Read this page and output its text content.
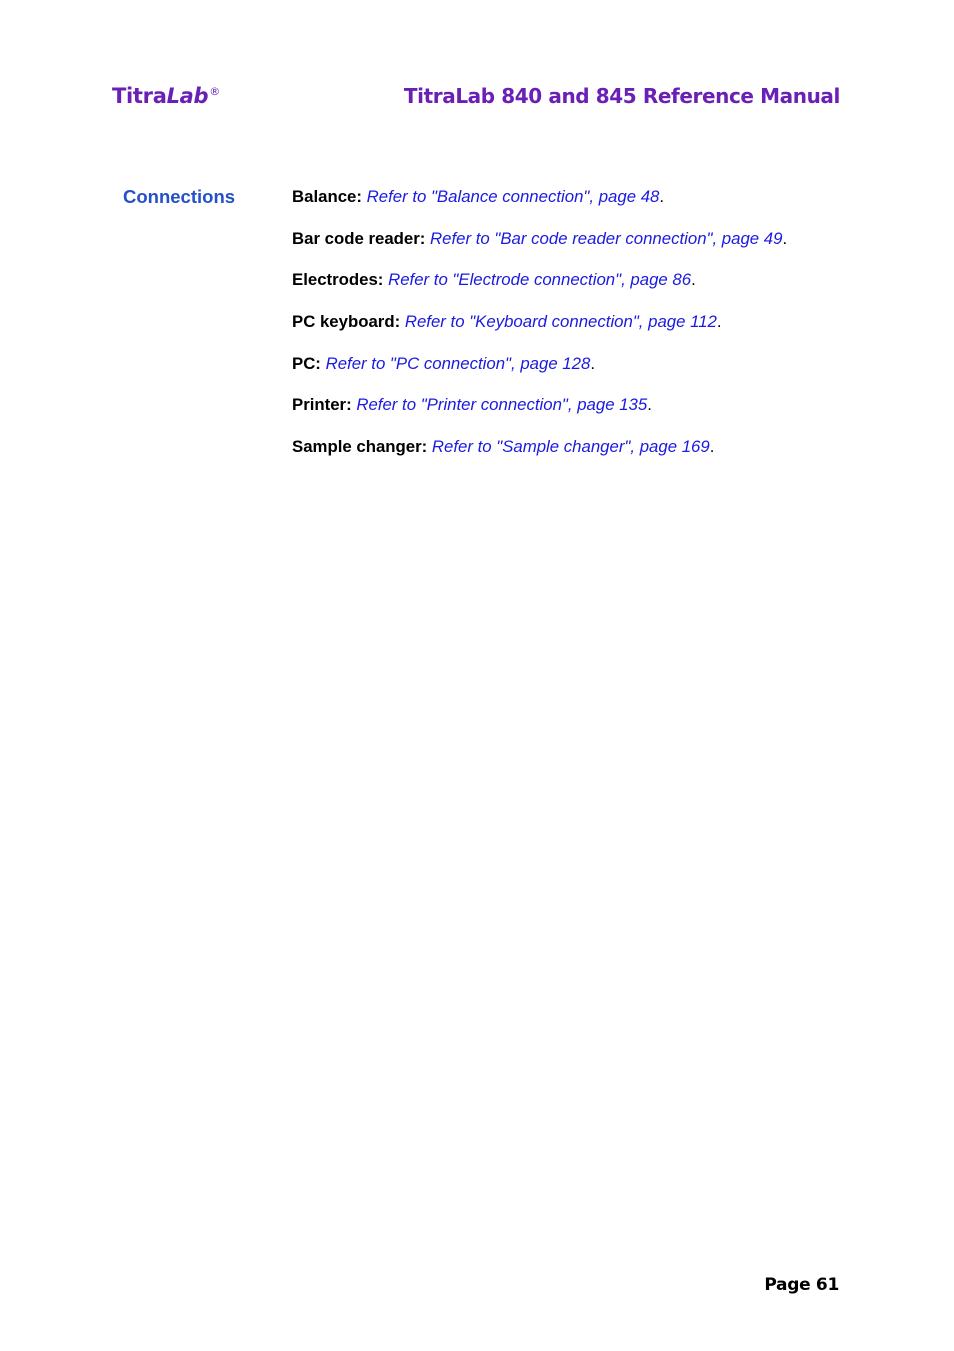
TitraLab®	TitraLab 840 and 845 Reference Manual
Connections	Balance: Refer to "Balance connection", page 48.
Bar code reader: Refer to "Bar code reader connection", page 49.
Electrodes: Refer to "Electrode connection", page 86.
PC keyboard: Refer to "Keyboard connection", page 112.
PC: Refer to "PC connection", page 128.
Printer: Refer to "Printer connection", page 135.
Sample changer: Refer to "Sample changer", page 169.
Page 61
